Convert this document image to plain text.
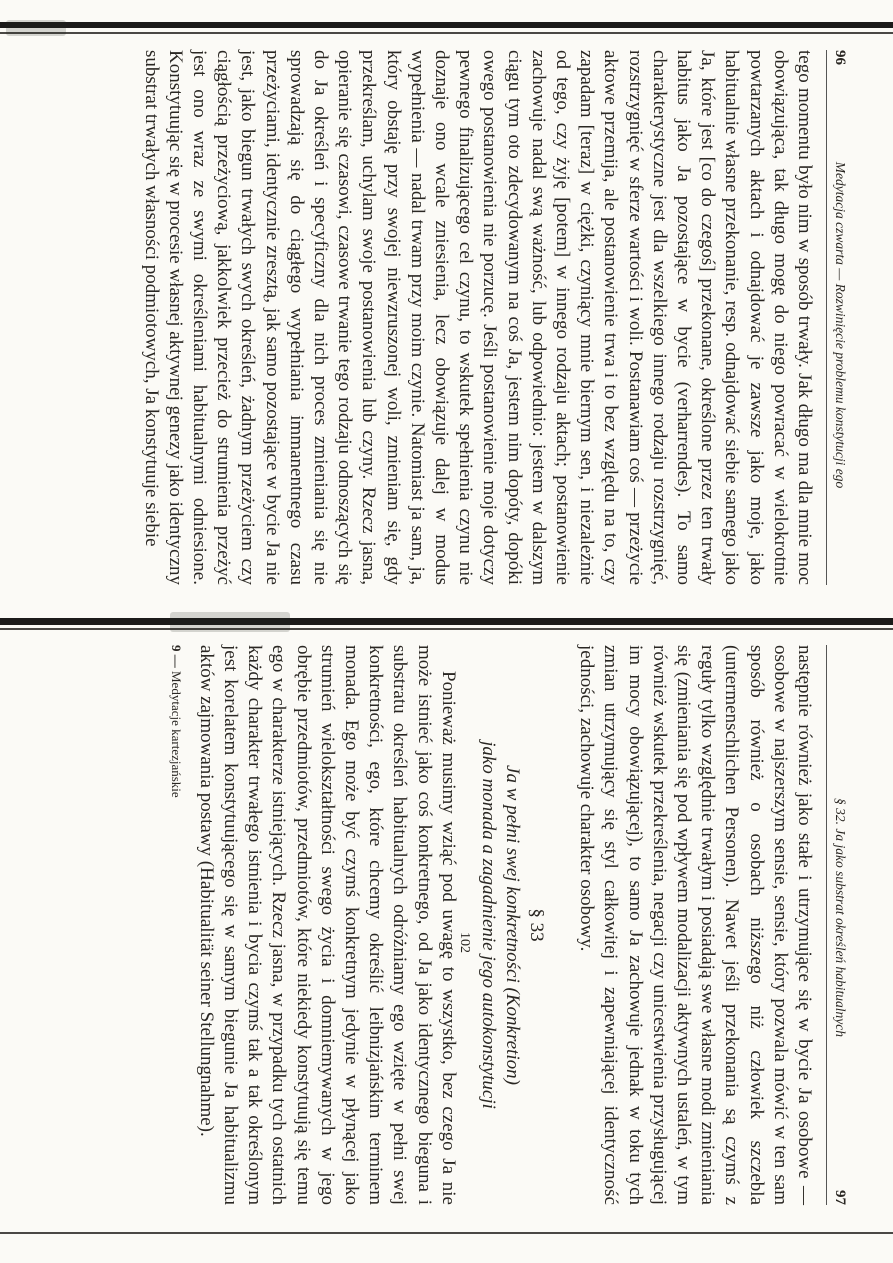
96
Medytacja czwarta — Rozwinięcie problemu konstytucji ego

tego momentu było nim w sposób trwały. Jak długo ma dla mnie moc obowiązująca, tak długo mogę do niego powracać w wielokrotnie powtarzanych aktach i odnajdować je zawsze jako moje, jako habitualnie własne przekonanie, resp. odnajdować siebie samego jako Ja, które jest [co do czegoś] przekonane, określone przez ten trwały habitus jako Ja pozostające w bycie (verharrendes). To samo charakterystyczne jest dla wszelkiego innego rodzaju rozstrzygnięć, rozstrzygnięć w sferze wartości i woli. Postanawiam coś — przeżycie aktowe przemija, ale postanowienie trwa i to bez względu na to, czy zapadam [teraz] w ciężki, czyniący mnie biernym sen, i niezależnie od tego, czy żyję [potem] w innego rodzaju aktach; postanowienie zachowuje nadal swą ważność, lub odpowiednio: jestem w dalszym ciągu tym oto zdecydowanym na coś Ja, jestem nim dopóty, dopóki owego postanowienia nie porzucę. Jeśli postanowienie moje dotyczy pewnego finalizującego cel czynu, to wskutek spełnienia czynu nie doznaje ono wcale zniesienia, lecz obowiązuje dalej w modus wypełnienia — nadal trwam przy moim czynie. Natomiast ja sam, ja, który obstaję przy swojej niewzruszonej woli, zmieniam się, gdy przekreślam, uchylam swoje postanowienia lub czyny. Rzecz jasna, opieranie się czasowi, czasowe trwanie tego rodzaju odnoszących się do Ja określeń i specyficzny dla nich proces zmieniania się nie sprowadzają się do ciągłego wypełniania immanentnego czasu przeżyciami, identycznie zresztą, jak samo pozostające w bycie Ja nie jest, jako biegun trwałych swych określeń, żadnym przeżyciem czy ciągłością przeżyciową, jakkolwiek przecież do strumienia przeżyć jest ono wraz ze swymi określeniami habitualnymi odniesione. Konstytuując się w procesie własnej aktywnej genezy jako identyczny substrat trwałych własności podmiotowych, Ja konstytuuje siebie

§ 32. Ja jako substrat określeń habitualnych
97

następnie również jako stałe i utrzymujące się w bycie Ja osobowe — osobowe w najszerszym sensie, sensie, który pozwala mówić w ten sam sposób również o osobach niższego niż człowiek szczebla (untermenschlichen Personen). Nawet jeśli przekonania są czymś z reguły tylko względnie trwałym i posiadają swe własne modi zmieniania się (zmieniania się pod wpływem modalizacji aktywnych ustaleń, w tym również wskutek przekreślenia, negacji czy unicestwienia przysługującej im mocy obowiązującej), to samo Ja zachowuje jednak w toku tych zmian utrzymujący się styl całkowitej i zapewniającej identyczność jedności, zachowuje charakter osobowy.

§ 33
Ja w pełni swej konkretności (Konkretion)
jako monada a zagadnienie jego autokonstytucji

Ponieważ musimy wziąć pod uwagę to wszystko, bez czego Ja nie może istnieć jako coś konkretnego, od Ja jako identycznego bieguna i substratu określeń habitualnych odróżniamy ego wzięte w pełni swej konkretności, ego, które chcemy określić leibnizjańskim terminem monada. Ego może być czymś konkretnym jedynie w płynącej jako strumień wielokształtności swego życia i domniemywanych w jego obrębie przedmiotów, przedmiotów, które niekiedy konstytuują się temu ego w charakterze istniejących. Rzecz jasna, w przypadku tych ostatnich każdy charakter trwałego istnienia i bycia czymś tak a tak określonym jest korelatem konstytuującego się w samym biegunie Ja habitualizmu aktów zajmowania postawy (Habitualität seiner Stellungnahme).

9 — Medytacje kartezjańskie
102
